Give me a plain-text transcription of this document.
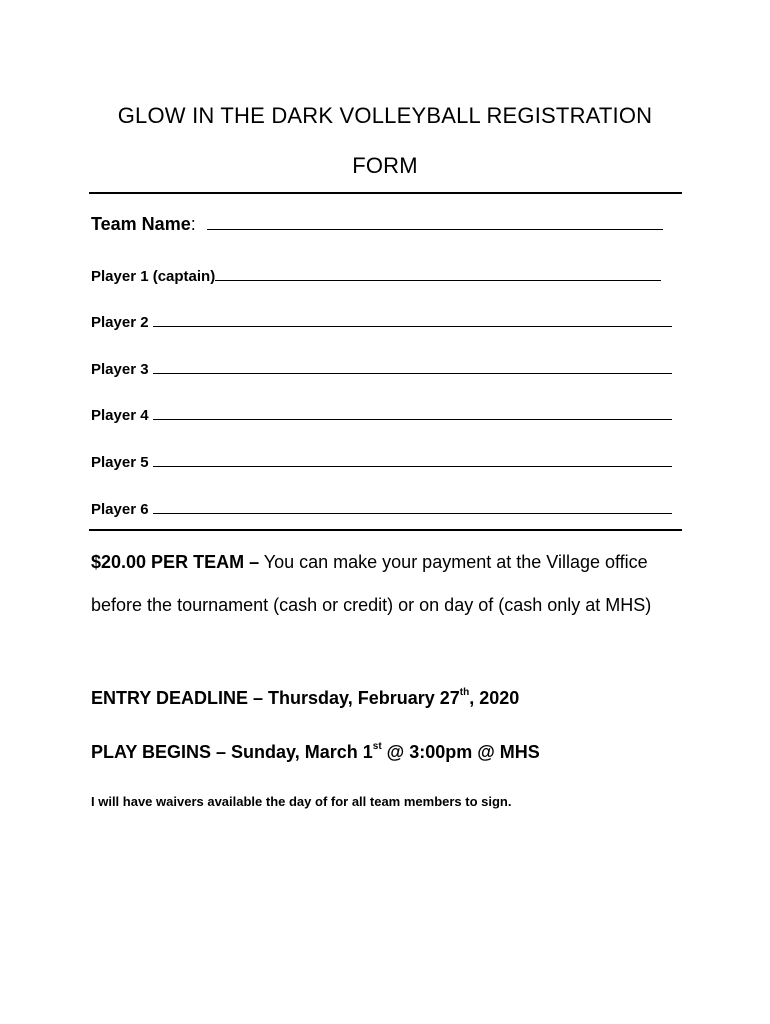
GLOW IN THE DARK VOLLEYBALL REGISTRATION
FORM
Team Name:
Player 1 (captain)
Player 2
Player 3
Player 4
Player 5
Player 6
$20.00 PER TEAM – You can make your payment at the Village office before the tournament (cash or credit) or on day of (cash only at MHS)
ENTRY DEADLINE – Thursday, February 27th, 2020
PLAY BEGINS – Sunday, March 1st @ 3:00pm @ MHS
I will have waivers available the day of for all team members to sign.
